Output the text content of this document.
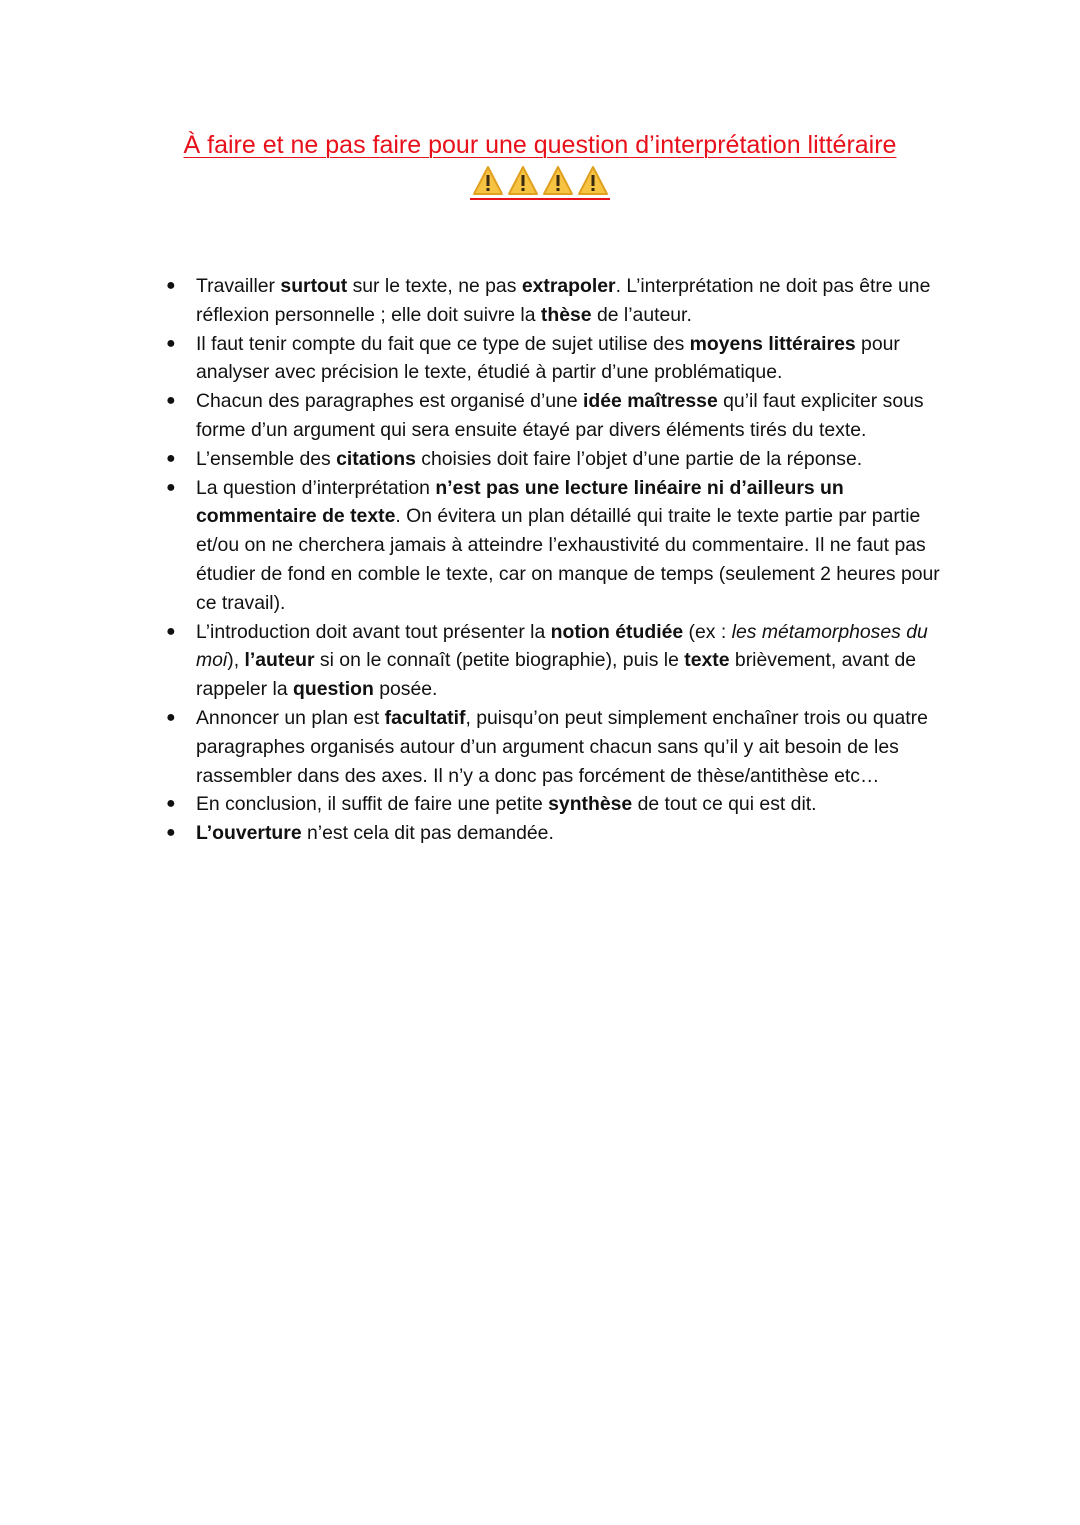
À faire et ne pas faire pour une question d’interprétation littéraire
● Travailler surtout sur le texte, ne pas extrapoler. L’interprétation ne doit pas être une réflexion personnelle ; elle doit suivre la thèse de l’auteur.
● Il faut tenir compte du fait que ce type de sujet utilise des moyens littéraires pour analyser avec précision le texte, étudié à partir d’une problématique.
● Chacun des paragraphes est organisé d’une idée maîtresse qu’il faut expliciter sous forme d’un argument qui sera ensuite étayé par divers éléments tirés du texte.
● L’ensemble des citations choisies doit faire l’objet d’une partie de la réponse.
● La question d’interprétation n’est pas une lecture linéaire ni d’ailleurs un commentaire de texte. On évitera un plan détaillé qui traite le texte partie par partie et/ou on ne cherchera jamais à atteindre l’exhaustivité du commentaire. Il ne faut pas étudier de fond en comble le texte, car on manque de temps (seulement 2 heures pour ce travail).
● L’introduction doit avant tout présenter la notion étudiée (ex : les métamorphoses du moi), l’auteur si on le connaît (petite biographie), puis le texte brièvement, avant de rappeler la question posée.
● Annoncer un plan est facultatif, puisqu’on peut simplement enchaîner trois ou quatre paragraphes organisés autour d’un argument chacun sans qu’il y ait besoin de les rassembler dans des axes. Il n’y a donc pas forcément de thèse/antithèse etc…
● En conclusion, il suffit de faire une petite synthèse de tout ce qui est dit.
● L’ouverture n’est cela dit pas demandée.
